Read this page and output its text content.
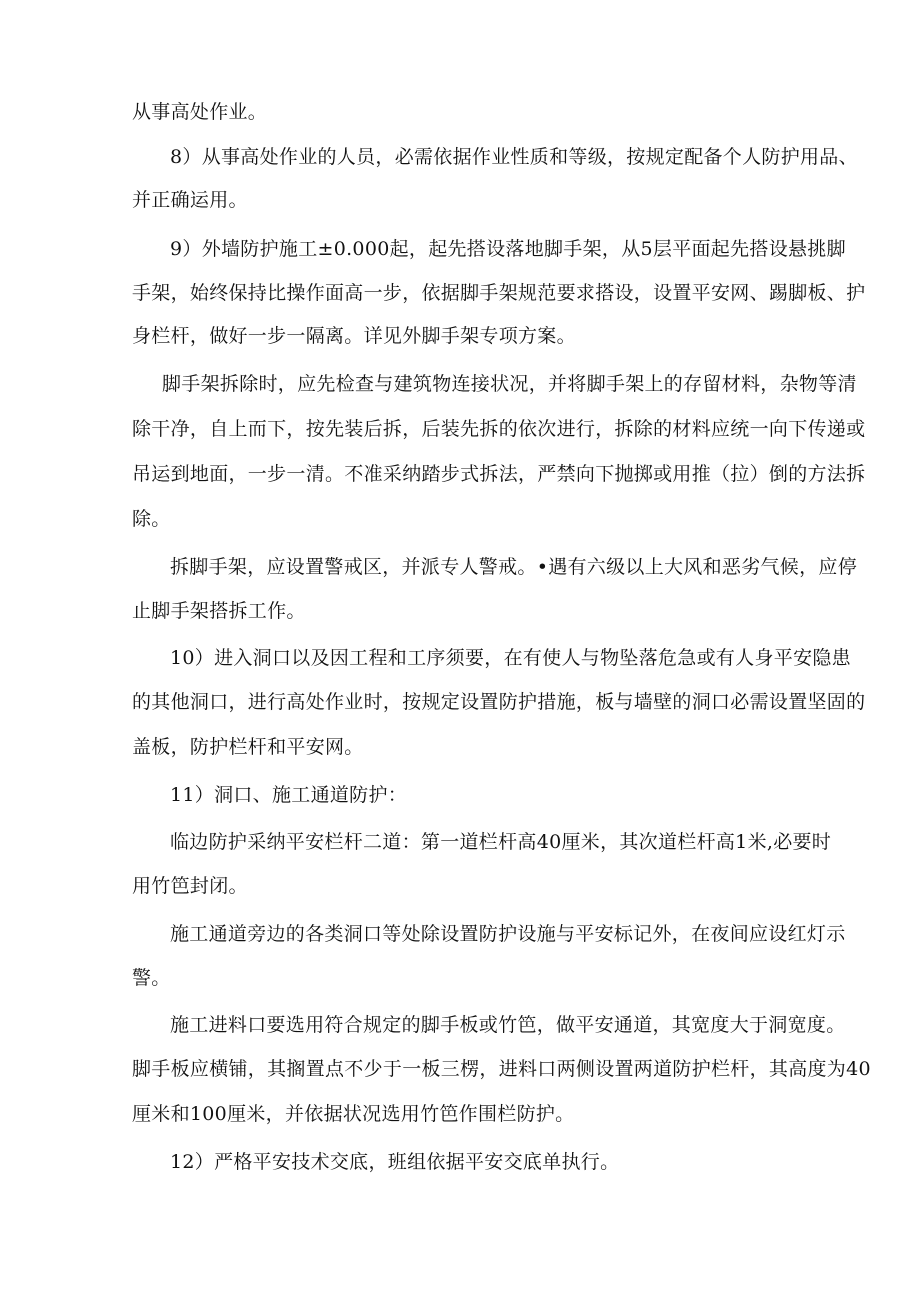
从事高处作业。

8）从事高处作业的人员，必需依据作业性质和等级，按规定配备个人防护用品、

并正确运用。

9）外墙防护施工±0.000起，起先搭设落地脚手架，从5层平面起先搭设悬挑脚

手架，始终保持比操作面高一步，依据脚手架规范要求搭设，设置平安网、踢脚板、护

身栏杆，做好一步一隔离。详见外脚手架专项方案。

脚手架拆除时，应先检查与建筑物连接状况，并将脚手架上的存留材料，杂物等清

除干净，自上而下，按先装后拆，后装先拆的依次进行，拆除的材料应统一向下传递或

吊运到地面，一步一清。不准采纳踏步式拆法，严禁向下抛掷或用推（拉）倒的方法拆

除。

拆脚手架，应设置警戒区，并派专人警戒。•遇有六级以上大风和恶劣气候，应停

止脚手架搭拆工作。

10）进入洞口以及因工程和工序须要，在有使人与物坠落危急或有人身平安隐患

的其他洞口，进行高处作业时，按规定设置防护措施，板与墙壁的洞口必需设置坚固的

盖板，防护栏杆和平安网。

11）洞口、施工通道防护：

临边防护采纳平安栏杆二道：第一道栏杆高40厘米，其次道栏杆高1米,必要时

用竹笆封闭。

施工通道旁边的各类洞口等处除设置防护设施与平安标记外，在夜间应设红灯示

警。

施工进料口要选用符合规定的脚手板或竹笆，做平安通道，其宽度大于洞宽度。

脚手板应横铺，其搁置点不少于一板三楞，进料口两侧设置两道防护栏杆，其高度为40

厘米和100厘米，并依据状况选用竹笆作围栏防护。

12）严格平安技术交底，班组依据平安交底单执行。
